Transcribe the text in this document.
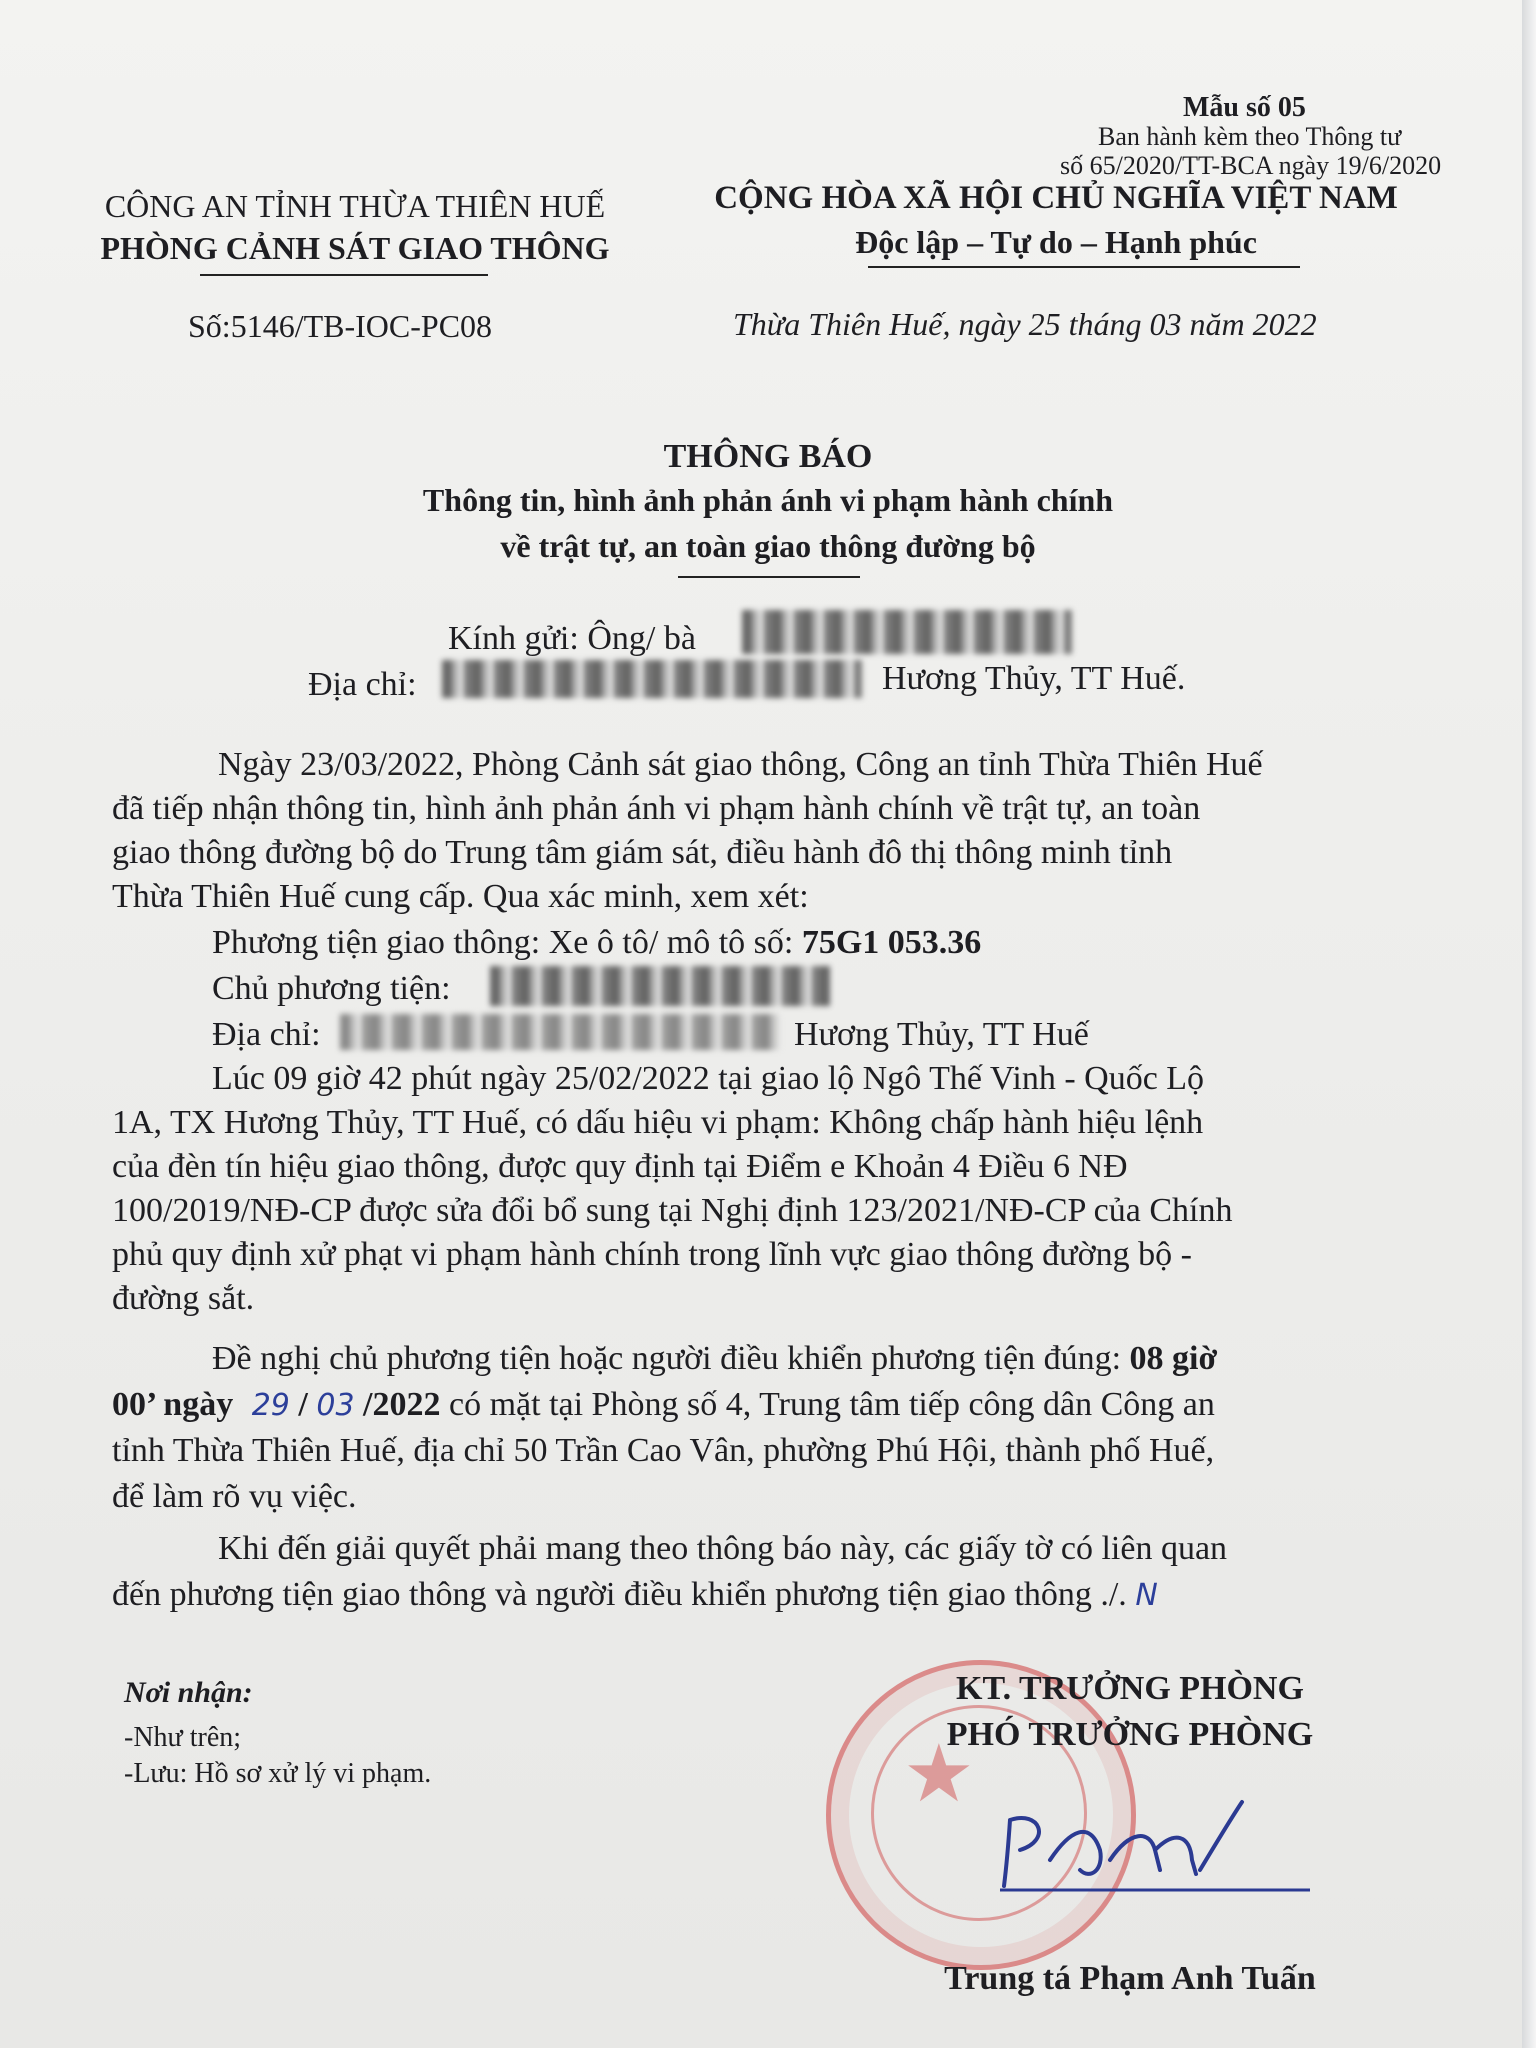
Mẫu số 05
Ban hành kèm theo Thông tư
số 65/2020/TT-BCA ngày 19/6/2020
CÔNG AN TỈNH THỪA THIÊN HUẾ
PHÒNG CẢNH SÁT GIAO THÔNG
Số:5146/TB-IOC-PC08
CỘNG HÒA XÃ HỘI CHỦ NGHĨA VIỆT NAM
Độc lập – Tự do – Hạnh phúc
Thừa Thiên Huế, ngày 25 tháng 03 năm 2022
THÔNG BÁO
Thông tin, hình ảnh phản ánh vi phạm hành chính
về trật tự, an toàn giao thông đường bộ
Kính gửi: Ông/ bà
Địa chỉ:	Hương Thủy, TT Huế.
Ngày 23/03/2022, Phòng Cảnh sát giao thông, Công an tỉnh Thừa Thiên Huế
đã tiếp nhận thông tin, hình ảnh phản ánh vi phạm hành chính về trật tự, an toàn
giao thông đường bộ do Trung tâm giám sát, điều hành đô thị thông minh tỉnh
Thừa Thiên Huế cung cấp. Qua xác minh, xem xét:
Phương tiện giao thông: Xe ô tô/ mô tô số: 75G1 053.36
Chủ phương tiện:
Địa chỉ:	Hương Thủy, TT Huế
Lúc 09 giờ 42 phút ngày 25/02/2022 tại giao lộ Ngô Thế Vinh - Quốc Lộ
1A, TX Hương Thủy, TT Huế, có dấu hiệu vi phạm: Không chấp hành hiệu lệnh
của đèn tín hiệu giao thông, được quy định tại Điểm e Khoản 4 Điều 6 NĐ
100/2019/NĐ-CP được sửa đổi bổ sung tại Nghị định 123/2021/NĐ-CP của Chính
phủ quy định xử phạt vi phạm hành chính trong lĩnh vực giao thông đường bộ -
đường sắt.
Đề nghị chủ phương tiện hoặc người điều khiển phương tiện đúng: 08 giờ
00’ ngày 29 / 03 /2022 có mặt tại Phòng số 4, Trung tâm tiếp công dân Công an
tỉnh Thừa Thiên Huế, địa chỉ 50 Trần Cao Vân, phường Phú Hội, thành phố Huế,
để làm rõ vụ việc.
Khi đến giải quyết phải mang theo thông báo này, các giấy tờ có liên quan
đến phương tiện giao thông và người điều khiển phương tiện giao thông ./. N
Nơi nhận:
-Như trên;
-Lưu: Hồ sơ xử lý vi phạm.	★
KT. TRƯỞNG PHÒNG
PHÓ TRƯỞNG PHÒNG
Trung tá Phạm Anh Tuấn
